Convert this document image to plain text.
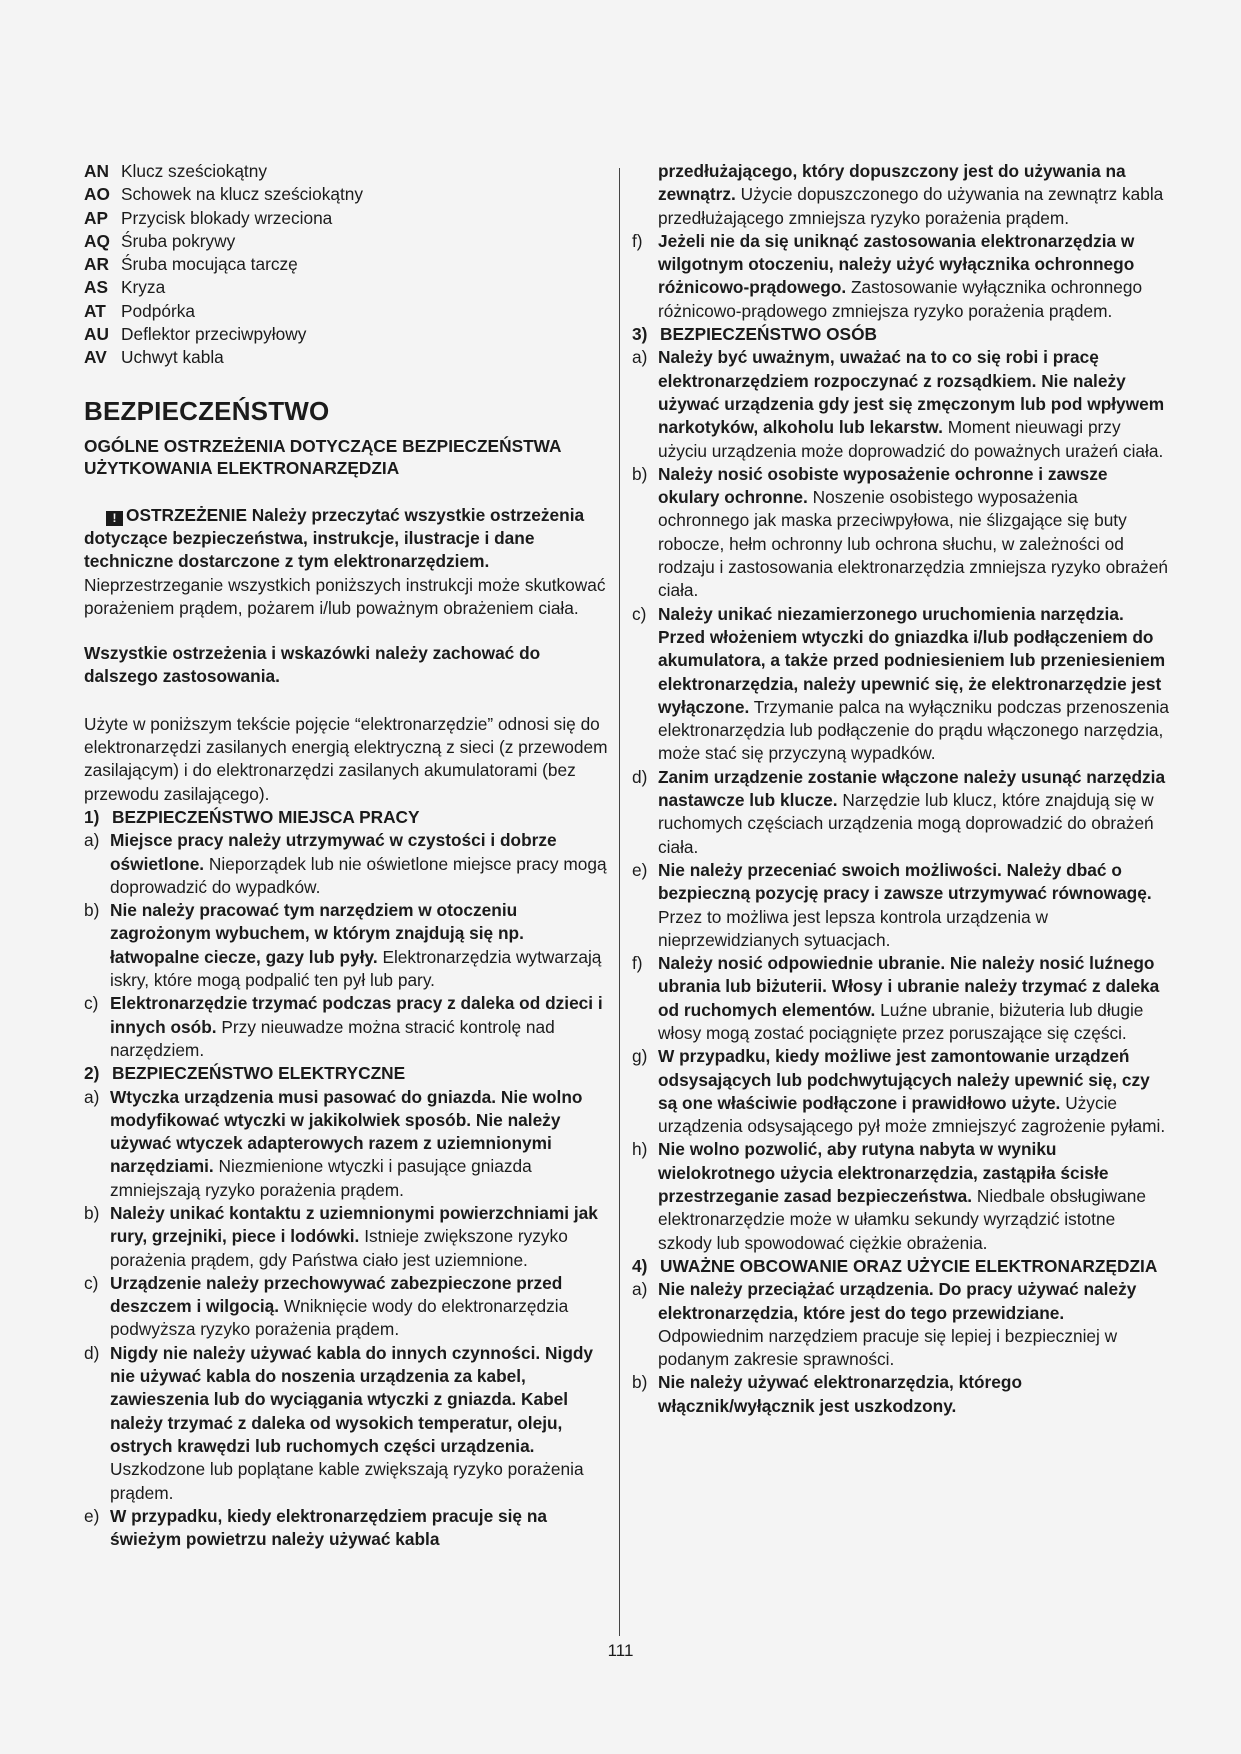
AN Klucz sześciokątny
AO Schowek na klucz sześciokątny
AP Przycisk blokady wrzeciona
AQ Śruba pokrywy
AR Śruba mocująca tarczę
AS Kryza
AT Podpórka
AU Deflektor przeciwpyłowy
AV Uchwyt kabla
BEZPIECZEŃSTWO
OGÓLNE OSTRZEŻENIA DOTYCZĄCE BEZPIECZEŃSTWA UŻYTKOWANIA ELEKTRONARZĘDZIA

! OSTRZEŻENIE Należy przeczytać wszystkie ostrzeżenia dotyczące bezpieczeństwa, instrukcje, ilustracje i dane techniczne dostarczone z tym elektronarzędziem. Nieprzestrzeganie wszystkich poniższych instrukcji może skutkować porażeniem prądem, pożarem i/lub poważnym obrażeniem ciała.

Wszystkie ostrzeżenia i wskazówki należy zachować do dalszego zastosowania.

Użyte w poniższym tekście pojęcie “elektronarzędzie” odnosi się do elektronarzędzi zasilanych energią elektryczną z sieci (z przewodem zasilającym) i do elektronarzędzi zasilanych akumulatorami (bez przewodu zasilającego).

1) BEZPIECZEŃSTWO MIEJSCA PRACY
a) Miejsce pracy należy utrzymywać w czystości i dobrze oświetlone. Nieporządek lub nie oświetlone miejsce pracy mogą doprowadzić do wypadków.
b) Nie należy pracować tym narzędziem w otoczeniu zagrożonym wybuchem, w którym znajdują się np. łatwopalne ciecze, gazy lub pyły. Elektronarzędzia wytwarzają iskry, które mogą podpalić ten pył lub pary.
c) Elektronarzędzie trzymać podczas pracy z daleka od dzieci i innych osób. Przy nieuwadze można stracić kontrolę nad narzędziem.
2) BEZPIECZEŃSTWO ELEKTRYCZNE
a) Wtyczka urządzenia musi pasować do gniazda. Nie wolno modyfikować wtyczki w jakikolwiek sposób. Nie należy używać wtyczek adapterowych razem z uziemnionymi narzędziami. Niezmienione wtyczki i pasujące gniazda zmniejszają ryzyko porażenia prądem.
b) Należy unikać kontaktu z uziemnionymi powierzchniami jak rury, grzejniki, piece i lodówki. Istnieje zwiększone ryzyko porażenia prądem, gdy Państwa ciało jest uziemnione.
c) Urządzenie należy przechowywać zabezpieczone przed deszczem i wilgocią. Wniknięcie wody do elektronarzędzia podwyższa ryzyko porażenia prądem.
d) Nigdy nie należy używać kabla do innych czynności. Nigdy nie używać kabla do noszenia urządzenia za kabel, zawieszenia lub do wyciągania wtyczki z gniazda. Kabel należy trzymać z daleka od wysokich temperatur, oleju, ostrych krawędzi lub ruchomych części urządzenia. Uszkodzone lub poplątane kable zwiększają ryzyko porażenia prądem.
e) W przypadku, kiedy elektronarzędziem pracuje się na świeżym powietrzu należy używać kabla

przedłużającego, który dopuszczony jest do używania na zewnątrz. Użycie dopuszczonego do używania na zewnątrz kabla przedłużającego zmniejsza ryzyko porażenia prądem.

f) Jeżeli nie da się uniknąć zastosowania elektronarzędzia w wilgotnym otoczeniu, należy użyć wyłącznika ochronnego różnicowo-prądowego. Zastosowanie wyłącznika ochronnego różnicowo-prądowego zmniejsza ryzyko porażenia prądem.
3) BEZPIECZEŃSTWO OSÓB
a) Należy być uważnym, uważać na to co się robi i pracę elektronarzędziem rozpoczynać z rozsądkiem. Nie należy używać urządzenia gdy jest się zmęczonym lub pod wpływem narkotyków, alkoholu lub lekarstw. Moment nieuwagi przy użyciu urządzenia może doprowadzić do poważnych urażeń ciała.
b) Należy nosić osobiste wyposażenie ochronne i zawsze okulary ochronne. Noszenie osobistego wyposażenia ochronnego jak maska przeciwpyłowa, nie ślizgające się buty robocze, hełm ochronny lub ochrona słuchu, w zależności od rodzaju i zastosowania elektronarzędzia zmniejsza ryzyko obrażeń ciała.
c) Należy unikać niezamierzonego uruchomienia narzędzia. Przed włożeniem wtyczki do gniazdka i/lub podłączeniem do akumulatora, a także przed podniesieniem lub przeniesieniem elektronarzędzia, należy upewnić się, że elektronarzędzie jest wyłączone. Trzymanie palca na wyłączniku podczas przenoszenia elektronarzędzia lub podłączenie do prądu włączonego narzędzia, może stać się przyczyną wypadków.
d) Zanim urządzenie zostanie włączone należy usunąć narzędzia nastawcze lub klucze. Narzędzie lub klucz, które znajdują się w ruchomych częściach urządzenia mogą doprowadzić do obrażeń ciała.
e) Nie należy przeceniać swoich możliwości. Należy dbać o bezpieczną pozycję pracy i zawsze utrzymywać równowagę. Przez to możliwa jest lepsza kontrola urządzenia w nieprzewidzianych sytuacjach.
f) Należy nosić odpowiednie ubranie. Nie należy nosić luźnego ubrania lub biżuterii. Włosy i ubranie należy trzymać z daleka od ruchomych elementów. Luźne ubranie, biżuteria lub długie włosy mogą zostać pociągnięte przez poruszające się części.
g) W przypadku, kiedy możliwe jest zamontowanie urządzeń odsysających lub podchwytujących należy upewnić się, czy są one właściwie podłączone i prawidłowo użyte. Użycie urządzenia odsysającego pył może zmniejszyć zagrożenie pyłami.
h) Nie wolno pozwolić, aby rutyna nabyta w wyniku wielokrotnego użycia elektronarzędzia, zastąpiła ścisłe przestrzeganie zasad bezpieczeństwa. Niedbale obsługiwane elektronarzędzie może w ułamku sekundy wyrządzić istotne szkody lub spowodować ciężkie obrażenia.
4) UWAŻNE OBCOWANIE ORAZ UŻYCIE ELEKTRONARZĘDZIA
a) Nie należy przeciążać urządzenia. Do pracy używać należy elektronarzędzia, które jest do tego przewidziane. Odpowiednim narzędziem pracuje się lepiej i bezpieczniej w podanym zakresie sprawności.
b) Nie należy używać elektronarzędzia, którego włącznik/wyłącznik jest uszkodzony.
111
